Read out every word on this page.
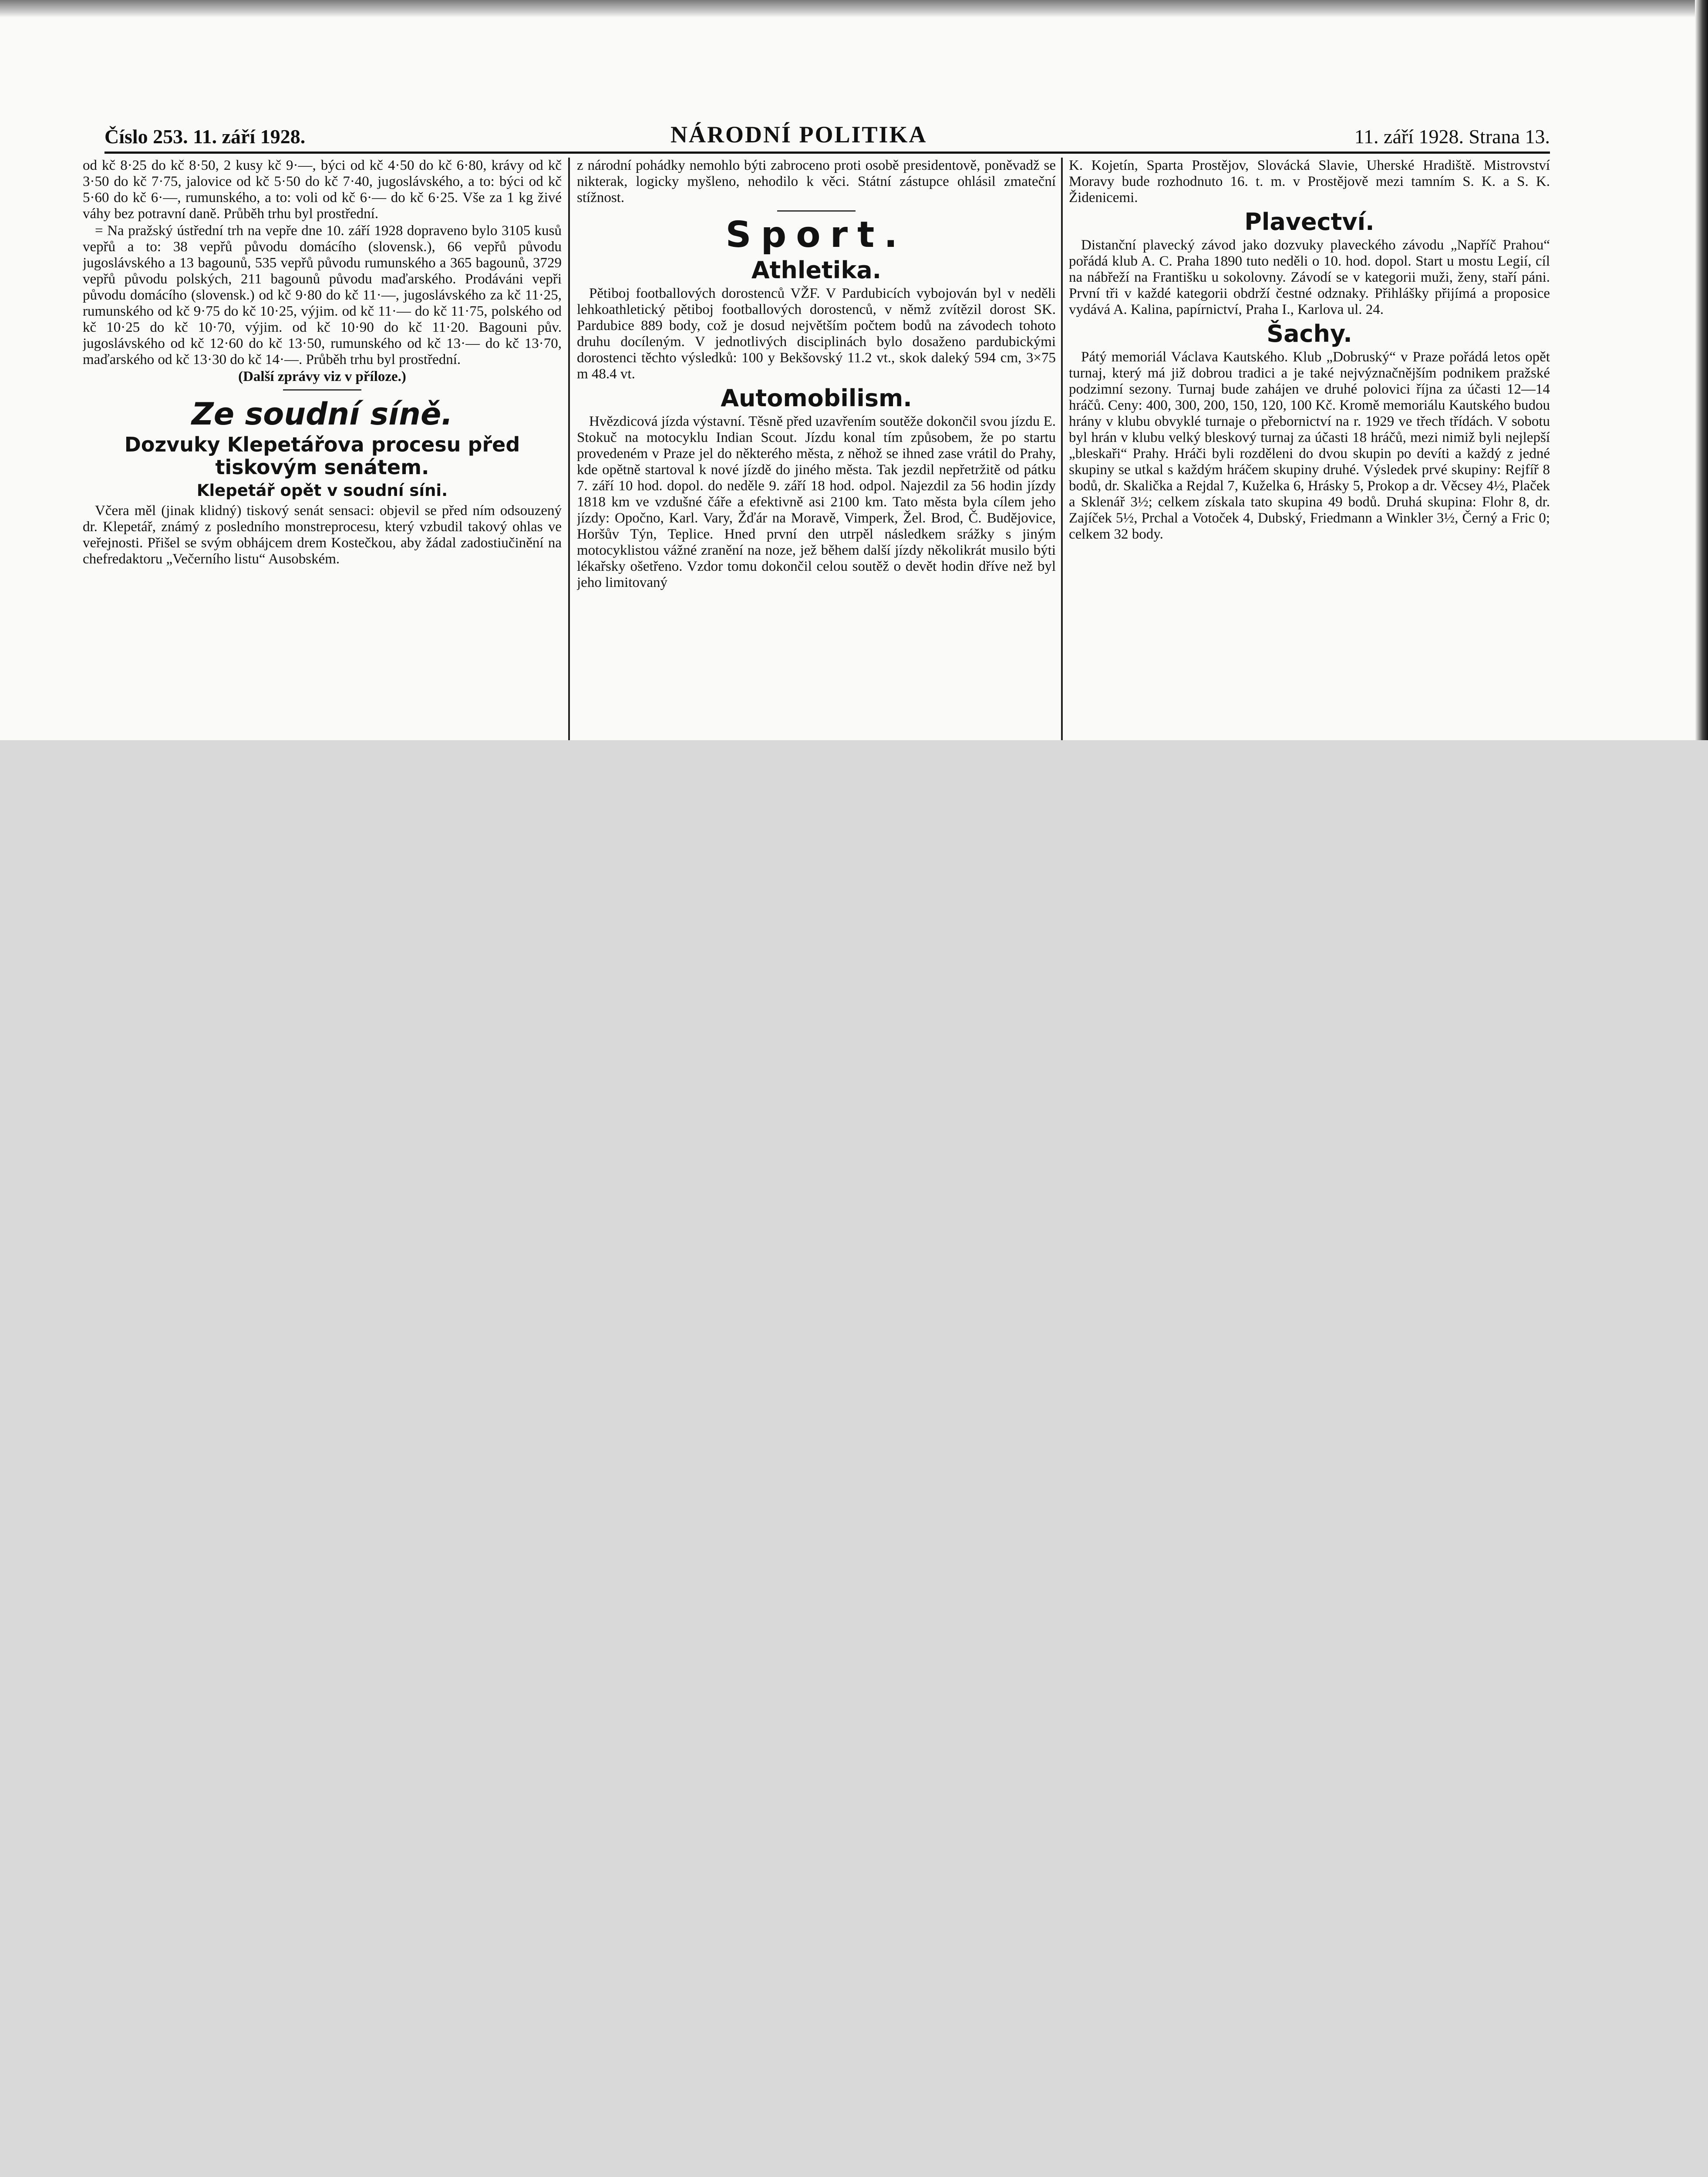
Číslo 253. 11. září 1928.	NÁRODNÍ POLITIKA	11. září 1928. Strana 13.

od kč 8·25 do kč 8·50, 2 kusy kč 9·—, býci od kč 4·50 do kč 6·80, krávy od kč 3·50 do kč 7·75, jalovice od kč 5·50 do kč 7·40, jugoslávského, a to: býci od kč 5·60 do kč 6·—, rumunského, a to: voli od kč 6·— do kč 6·25. Vše za 1 kg živé váhy bez potravní daně. Průběh trhu byl prostřední.

= Na pražský ústřední trh na vepře dne 10. září 1928 dopraveno bylo 3105 kusů vepřů a to: 38 vepřů původu domácího (slovensk.), 66 vepřů původu jugoslávského a 13 bagounů, 535 vepřů původu rumunského a 365 bagounů, 3729 vepřů původu polských, 211 bagounů původu maďarského. Prodáváni vepři původu domácího (slovensk.) od kč 9·80 do kč 11·—, jugoslávského za kč 11·25, rumunského od kč 9·75 do kč 10·25, výjim. od kč 11·— do kč 11·75, polského od kč 10·25 do kč 10·70, výjim. od kč 10·90 do kč 11·20. Bagouni pův. jugoslávského od kč 12·60 do kč 13·50, rumunského od kč 13·— do kč 13·70, maďarského od kč 13·30 do kč 14·—. Průběh trhu byl prostřední.

(Další zprávy viz v příloze.)
Ze soudní síně.
Dozvuky Klepetářova procesu před tiskovým senátem.
Klepetář opět v soudní síni.

Včera měl (jinak klidný) tiskový senát sensaci: objevil se před ním odsouzený dr. Klepetář, známý z posledního monstreprocesu, který vzbudil takový ohlas ve veřejnosti. Přišel se svým obhájcem drem Kostečkou, aby žádal zadostiučinění na chefredaktoru „Večerního listu“ Ausobském.

z národní pohádky nemohlo býti zabroceno proti osobě presidentově, poněvadž se nikterak, logicky myšleno, nehodilo k věci. Státní zástupce ohlásil zmateční stížnost.

Sport.
Athletika.

Pětiboj footballových dorostenců VŽF. V Pardubicích vybojován byl v neděli lehkoathletický pětiboj footballových dorostenců, v němž zvítězil dorost SK. Pardubice 889 body, což je dosud největším počtem bodů na závodech tohoto druhu docíleným. V jednotlivých disciplinách bylo dosaženo pardubickými dorostenci těchto výsledků: 100 y Bekšovský 11.2 vt., skok daleký 594 cm, 3×75 m 48.4 vt.

Automobilism.

Hvězdicová jízda výstavní. Těsně před uzavřením soutěže dokončil svou jízdu E. Stokuč na motocyklu Indian Scout. Jízdu konal tím způsobem, že po startu provedeném v Praze jel do některého města, z něhož se ihned zase vrátil do Prahy, kde opětně startoval k nové jízdě do jiného města. Tak jezdil nepřetržitě od pátku 7. září 10 hod. dopol. do neděle 9. září 18 hod. odpol. Najezdil za 56 hodin jízdy 1818 km ve vzdušné čáře a efektivně asi 2100 km. Tato města byla cílem jeho jízdy: Opočno, Karl. Vary, Žďár na Moravě, Vimperk, Žel. Brod, Č. Budějovice, Horšův Týn, Teplice. Hned první den utrpěl následkem srážky s jiným motocyklistou vážné zranění na noze, jež během další jízdy několikrát musilo býti lékařsky ošetřeno. Vzdor tomu dokončil celou soutěž o devět hodin dříve než byl jeho limitovaný

K. Kojetín, Sparta Prostějov, Slovácká Slavie, Uherské Hradiště. Mistrovství Moravy bude rozhodnuto 16. t. m. v Prostějově mezi tamním S. K. a S. K. Židenicemi.

Plavectví.

Distanční plavecký závod jako dozvuky plaveckého závodu „Napříč Prahou“ pořádá klub A. C. Praha 1890 tuto neděli o 10. hod. dopol. Start u mostu Legií, cíl na nábřeží na Františku u sokolovny. Závodí se v kategorii muži, ženy, staří páni. První tři v každé kategorii obdrží čestné odznaky. Přihlášky přijímá a proposice vydává A. Kalina, papírnictví, Praha I., Karlova ul. 24.

Šachy.

Pátý memoriál Václava Kautského. Klub „Dobruský“ v Praze pořádá letos opět turnaj, který má již dobrou tradici a je také nejvýznačnějším podnikem pražské podzimní sezony. Turnaj bude zahájen ve druhé polovici října za účasti 12—14 hráčů. Ceny: 400, 300, 200, 150, 120, 100 Kč. Kromě memoriálu Kautského budou hrány v klubu obvyklé turnaje o přebornictví na r. 1929 ve třech třídách. V sobotu byl hrán v klubu velký bleskový turnaj za účasti 18 hráčů, mezi nimiž byli nejlepší „bleskaři“ Prahy. Hráči byli rozděleni do dvou skupin po devíti a každý z jedné skupiny se utkal s každým hráčem skupiny druhé. Výsledek prvé skupiny: Rejfíř 8 bodů, dr. Skalička a Rejdal 7, Kuželka 6, Hrásky 5, Prokop a dr. Věcsey 4½, Plaček a Sklenář 3½; celkem získala tato skupina 49 bodů. Druhá skupina: Flohr 8, dr. Zajíček 5½, Prchal a Votoček 4, Dubský, Friedmann a Winkler 3½, Černý a Fric 0; celkem 32 body.
